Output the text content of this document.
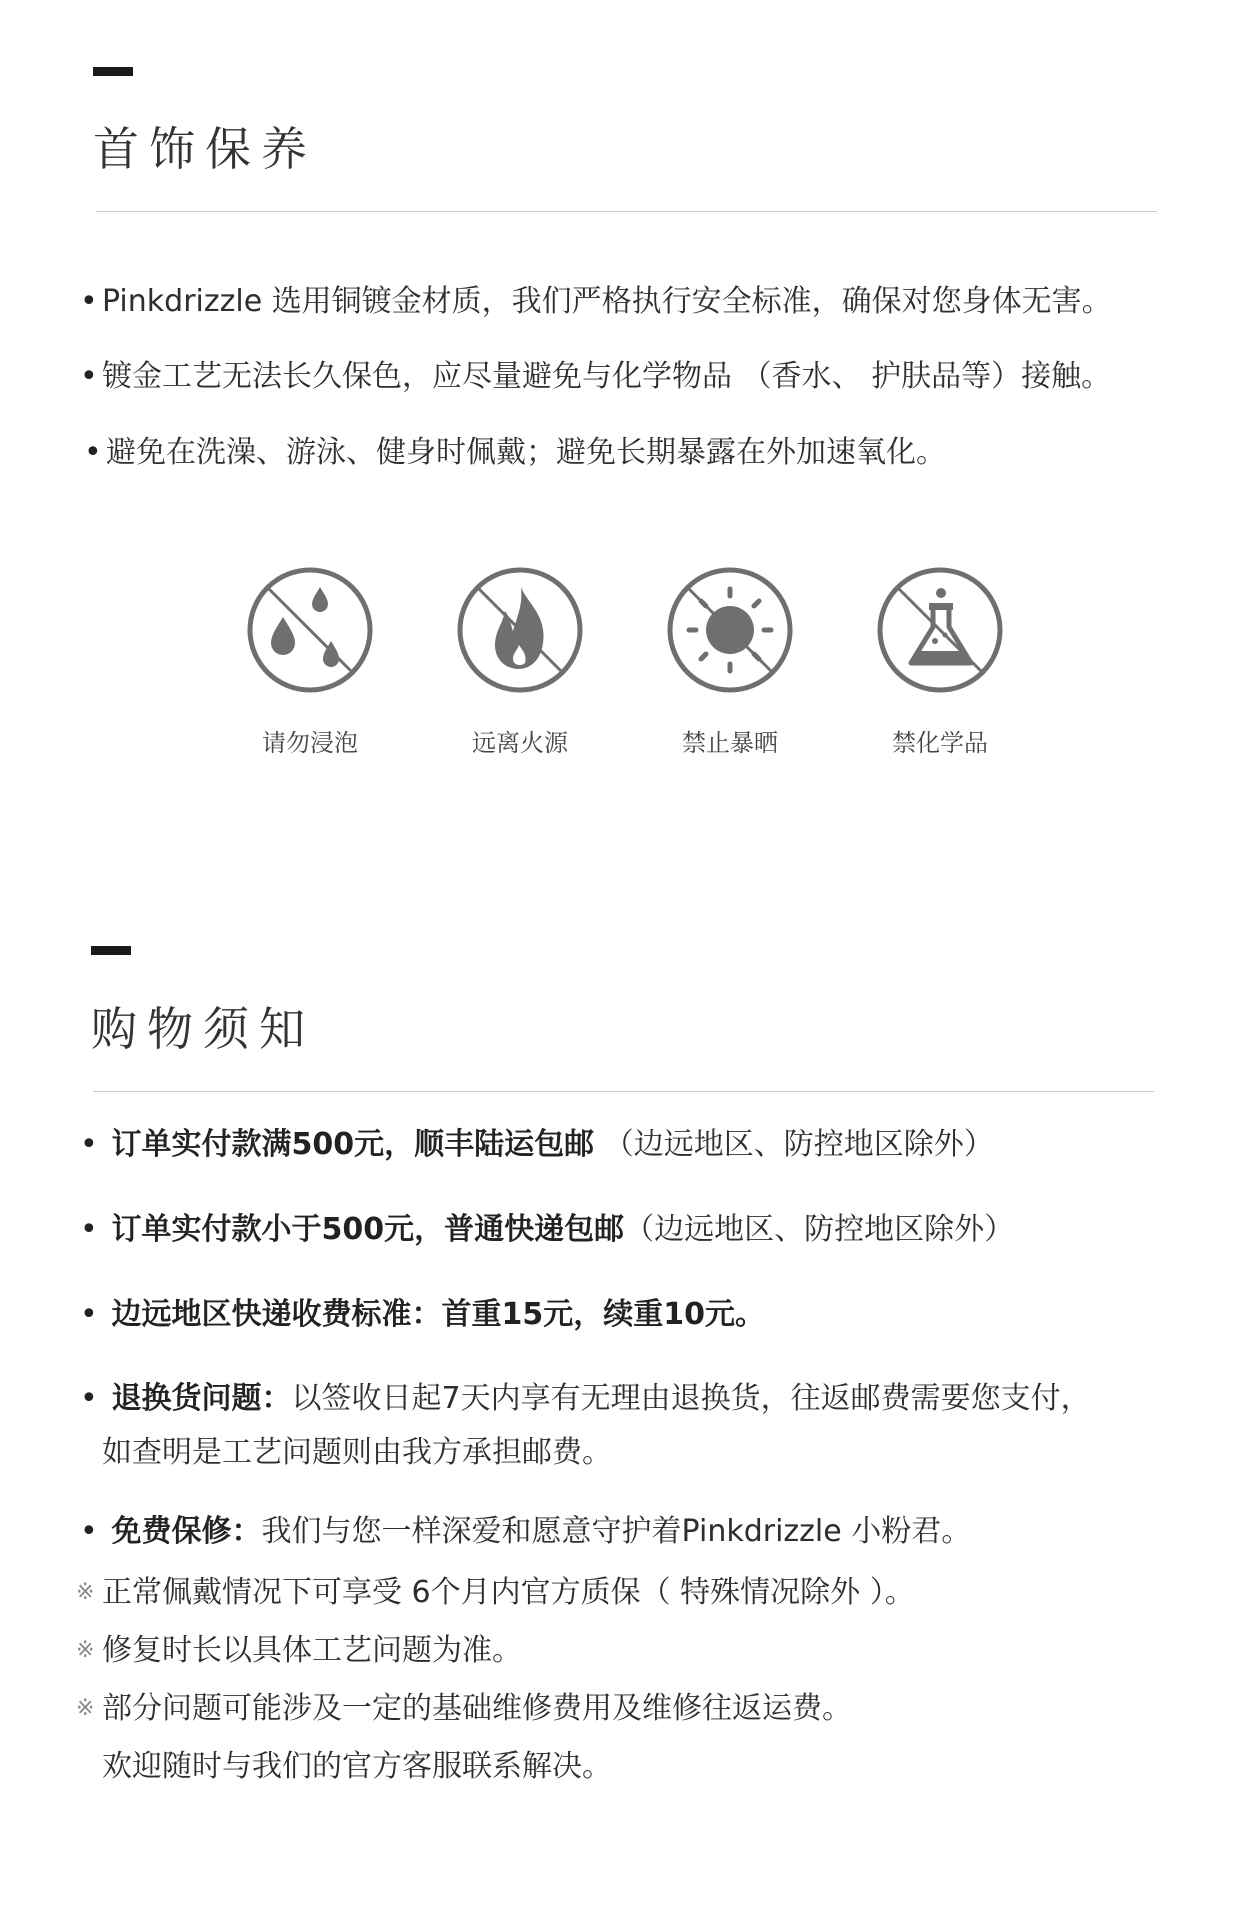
首饰保养
• Pinkdrizzle 选用铜镀金材质，我们严格执行安全标准，确保对您身体无害。
• 镀金工艺无法长久保色，应尽量避免与化学物品 （香水、 护肤品等）接触。
• 避免在洗澡、游泳、健身时佩戴；避免长期暴露在外加速氧化。
请勿浸泡	远离火源	禁止暴晒	禁化学品
购物须知
• 订单实付款满500元，顺丰陆运包邮 （边远地区、防控地区除外）
• 订单实付款小于500元，普通快递包邮（边远地区、防控地区除外）
• 边远地区快递收费标准：首重15元，续重10元。
• 退换货问题：以签收日起7天内享有无理由退换货，往返邮费需要您支付，
如查明是工艺问题则由我方承担邮费。
• 免费保修：我们与您一样深爱和愿意守护着Pinkdrizzle 小粉君。
※ 正常佩戴情况下可享受 6个月内官方质保（ 特殊情况除外 ）。
※ 修复时长以具体工艺问题为准。
※ 部分问题可能涉及一定的基础维修费用及维修往返运费。
欢迎随时与我们的官方客服联系解决。
